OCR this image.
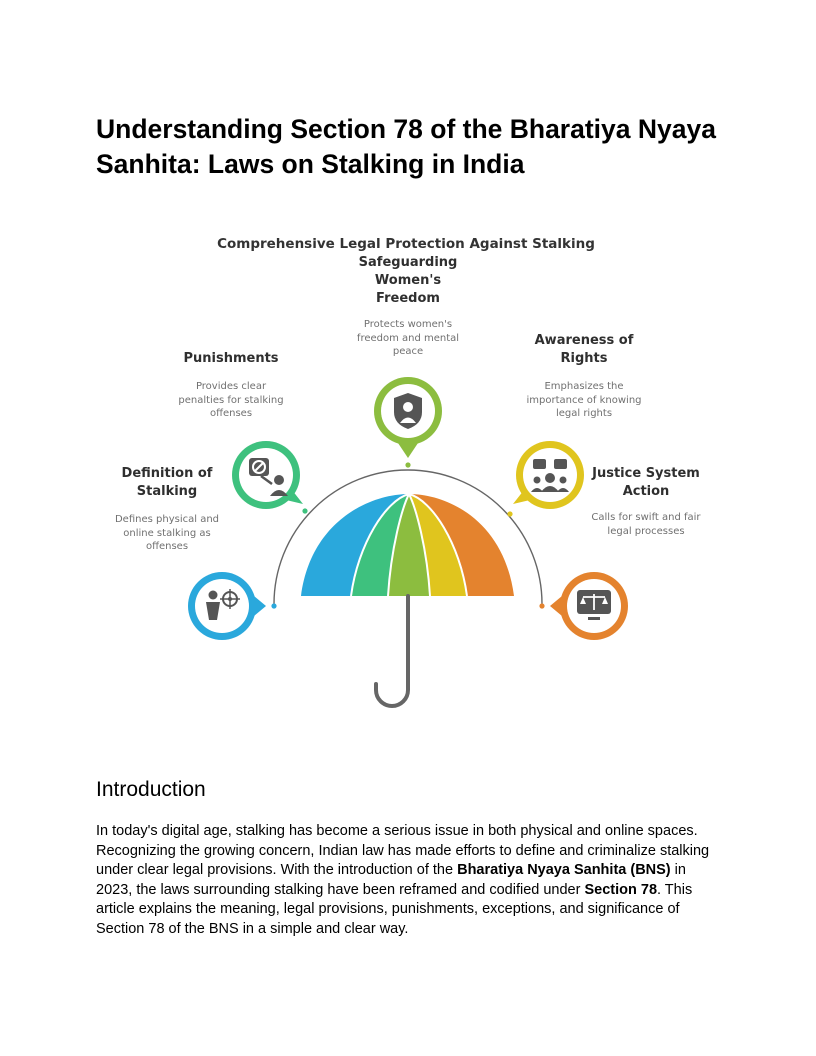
Understanding Section 78 of the Bharatiya Nyaya Sanhita: Laws on Stalking in India
Comprehensive Legal Protection Against Stalking
Safeguarding Women's Freedom
Protects women's freedom and mental peace
Punishments
Provides clear penalties for stalking offenses
Awareness of Rights
Emphasizes the importance of knowing legal rights
Definition of Stalking
Defines physical and online stalking as offenses
Justice System Action
Calls for swift and fair legal processes
Introduction

In today's digital age, stalking has become a serious issue in both physical and online spaces. Recognizing the growing concern, Indian law has made efforts to define and criminalize stalking under clear legal provisions. With the introduction of the Bharatiya Nyaya Sanhita (BNS) in 2023, the laws surrounding stalking have been reframed and codified under Section 78. This article explains the meaning, legal provisions, punishments, exceptions, and significance of Section 78 of the BNS in a simple and clear way.
